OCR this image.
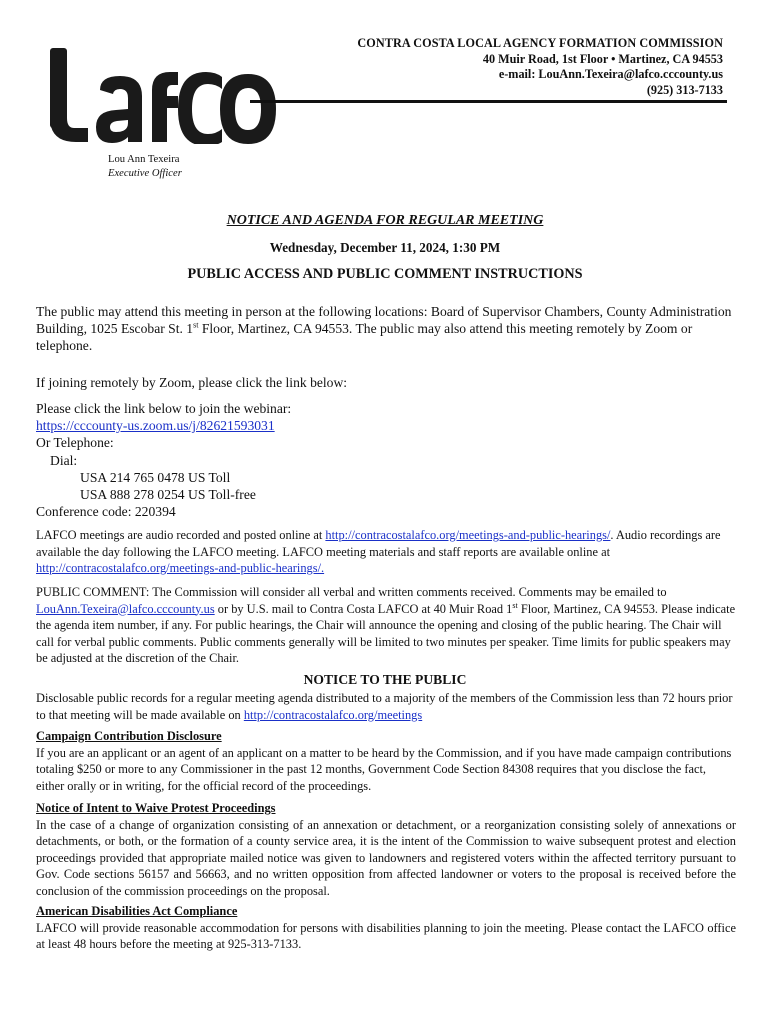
CONTRA COSTA LOCAL AGENCY FORMATION COMMISSION
40 Muir Road, 1st Floor • Martinez, CA 94553
e-mail: LouAnn.Texeira@lafco.cccounty.us
(925) 313-7133
Lou Ann Texeira
Executive Officer
NOTICE AND AGENDA FOR REGULAR MEETING
Wednesday, December 11, 2024, 1:30 PM
PUBLIC ACCESS AND PUBLIC COMMENT INSTRUCTIONS
The public may attend this meeting in person at the following locations: Board of Supervisor Chambers, County Administration Building, 1025 Escobar St. 1st Floor, Martinez, CA 94553. The public may also attend this meeting remotely by Zoom or telephone.
If joining remotely by Zoom, please click the link below:
Please click the link below to join the webinar:
https://cccounty-us.zoom.us/j/82621593031
Or Telephone:
Dial:
USA 214 765 0478 US Toll
USA 888 278 0254 US Toll-free
Conference code: 220394
LAFCO meetings are audio recorded and posted online at http://contracostalafco.org/meetings-and-public-hearings/. Audio recordings are available the day following the LAFCO meeting. LAFCO meeting materials and staff reports are available online at http://contracostalafco.org/meetings-and-public-hearings/.
PUBLIC COMMENT: The Commission will consider all verbal and written comments received. Comments may be emailed to LouAnn.Texeira@lafco.cccounty.us or by U.S. mail to Contra Costa LAFCO at 40 Muir Road 1st Floor, Martinez, CA 94553. Please indicate the agenda item number, if any. For public hearings, the Chair will announce the opening and closing of the public hearing. The Chair will call for verbal public comments. Public comments generally will be limited to two minutes per speaker. Time limits for public speakers may be adjusted at the discretion of the Chair.
NOTICE TO THE PUBLIC
Disclosable public records for a regular meeting agenda distributed to a majority of the members of the Commission less than 72 hours prior to that meeting will be made available on http://contracostalafco.org/meetings
Campaign Contribution Disclosure
If you are an applicant or an agent of an applicant on a matter to be heard by the Commission, and if you have made campaign contributions totaling $250 or more to any Commissioner in the past 12 months, Government Code Section 84308 requires that you disclose the fact, either orally or in writing, for the official record of the proceedings.
Notice of Intent to Waive Protest Proceedings
In the case of a change of organization consisting of an annexation or detachment, or a reorganization consisting solely of annexations or detachments, or both, or the formation of a county service area, it is the intent of the Commission to waive subsequent protest and election proceedings provided that appropriate mailed notice was given to landowners and registered voters within the affected territory pursuant to Gov. Code sections 56157 and 56663, and no written opposition from affected landowner or voters to the proposal is received before the conclusion of the commission proceedings on the proposal.
American Disabilities Act Compliance
LAFCO will provide reasonable accommodation for persons with disabilities planning to join the meeting. Please contact the LAFCO office at least 48 hours before the meeting at 925-313-7133.
